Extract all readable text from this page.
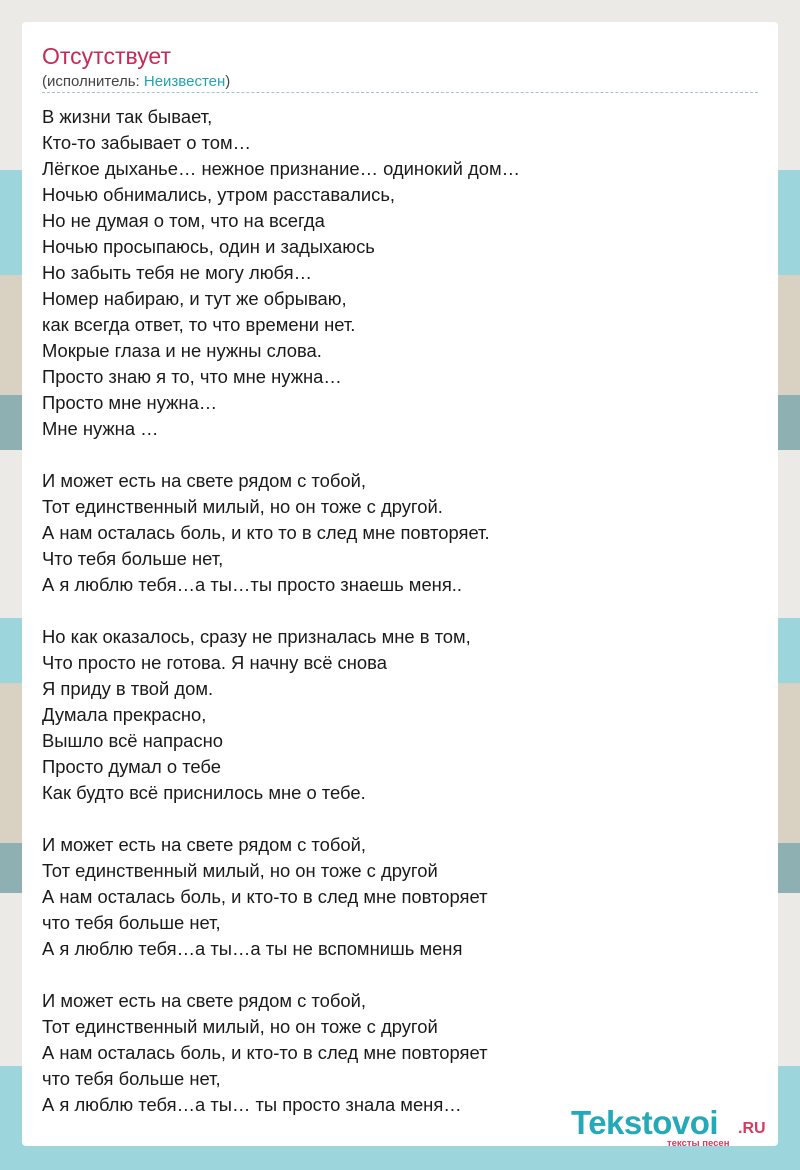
Отсутствует
(исполнитель: Неизвестен)
В жизни так бывает,
Кто-то забывает о том…
Лёгкое дыханье… нежное признание… одинокий дом…
Ночью обнимались, утром расставались,
Но не думая о том, что на всегда
Ночью просыпаюсь, один и задыхаюсь
Но забыть тебя не могу любя…
Номер набираю, и тут же обрываю,
как всегда ответ, то что времени нет.
Мокрые глаза и не нужны слова.
Просто знаю я то, что мне нужна…
Просто мне нужна…
Мне нужна …

И может есть на свете рядом с тобой,
Тот единственный милый, но он тоже с другой.
А нам осталась боль, и кто то в след мне повторяет.
Что тебя больше нет,
А я люблю тебя…а ты…ты просто знаешь меня..

Но как оказалось, сразу не призналась мне в том,
Что просто не готова. Я начну всё снова
Я приду в твой дом.
Думала прекрасно,
Вышло всё напрасно
Просто думал о тебе
Как будто всё приснилось мне о тебе.

И может есть на свете рядом с тобой,
Тот единственный милый, но он тоже с другой
А нам осталась боль, и кто-то в след мне повторяет
что тебя больше нет,
А я люблю тебя…а ты…а ты не вспомнишь меня

И может есть на свете рядом с тобой,
Тот единственный милый, но он тоже с другой
А нам осталась боль, и кто-то в след мне повторяет
что тебя больше нет,
А я люблю тебя…а ты… ты просто знала меня…	Tekstovoi .RU
тексты песен
